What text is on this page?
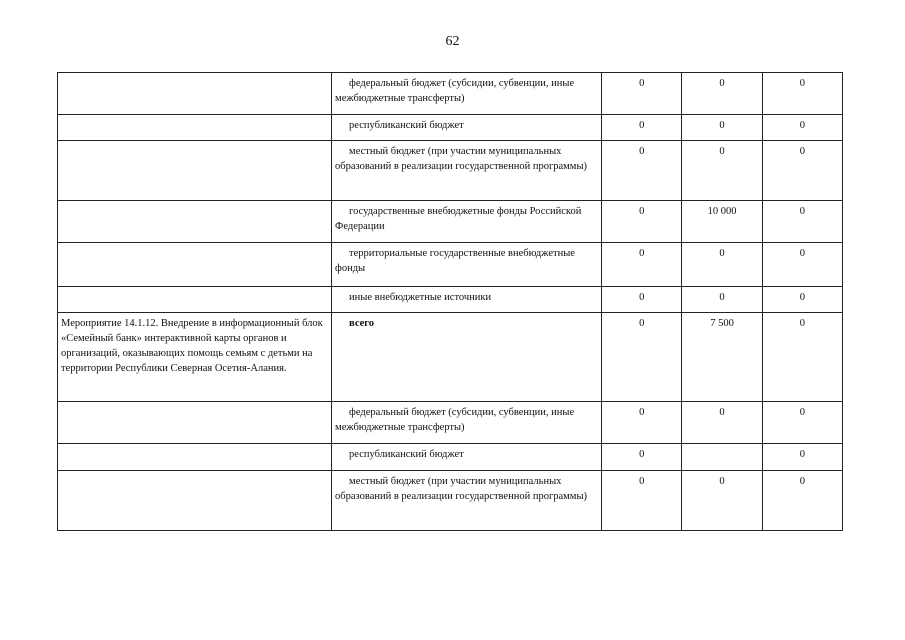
62

	федеральный бюджет (субсидии, субвенции, иные межбюджетные трансферты)	0	0	0

	республиканский бюджет	0	0	0

	местный бюджет (при участии муниципальных образований в реализации государственной программы)	0	0	0

	государственные внебюджетные фонды Российской Федерации	0	10 000	0

	территориальные государственные внебюджетные фонды	0	0	0

	иные внебюджетные источники	0	0	0
Мероприятие 14.1.12. Внедрение в информационный блок «Семейный банк» интерактивной карты органов и организаций, оказывающих помощь семьям с детьми на территории Республики Северная Осетия-Алания.	всего	0	7 500	0

	федеральный бюджет (субсидии, субвенции, иные межбюджетные трансферты)	0	0	0

	республиканский бюджет	0		0

	местный бюджет (при участии муниципальных образований в реализации государственной программы)	0	0	0
